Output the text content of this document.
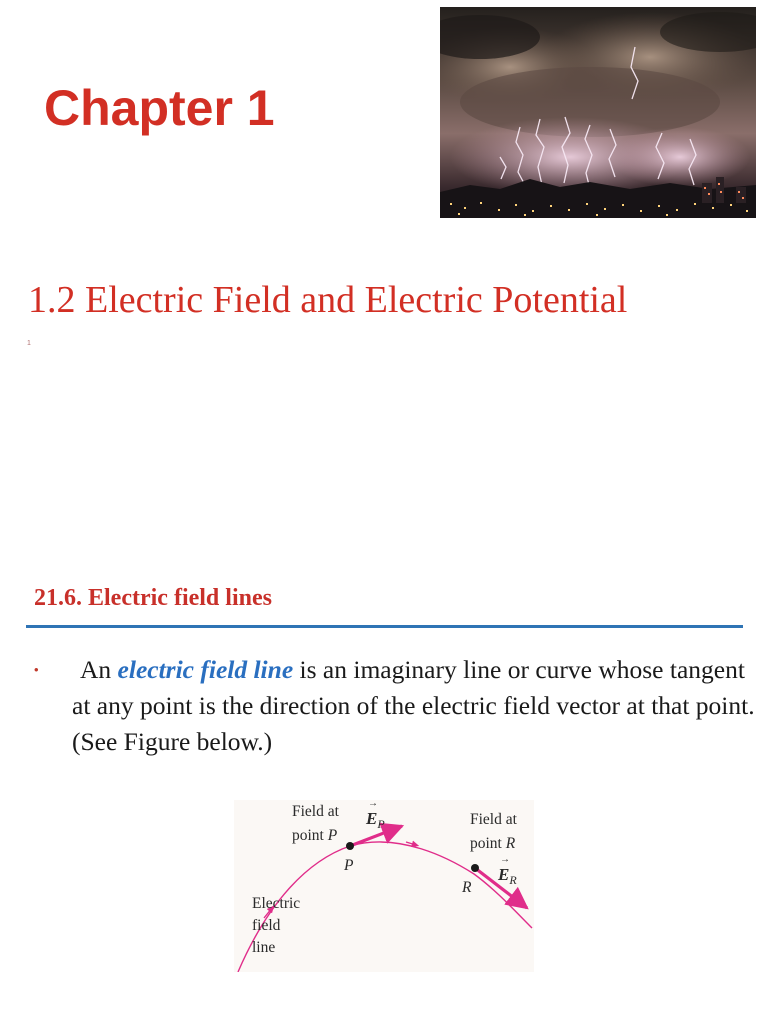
Chapter 1
1.2 Electric Field and Electric Potential
1
21.6. Electric field lines
•	An electric field line is an imaginary line or curve whose tangent at any point is the direction of the electric field vector at that point. (See Figure below.)

Field at
point P
$E_P$
→
P
Field at
point R
$E_R$
→
R
Electric
field
line
